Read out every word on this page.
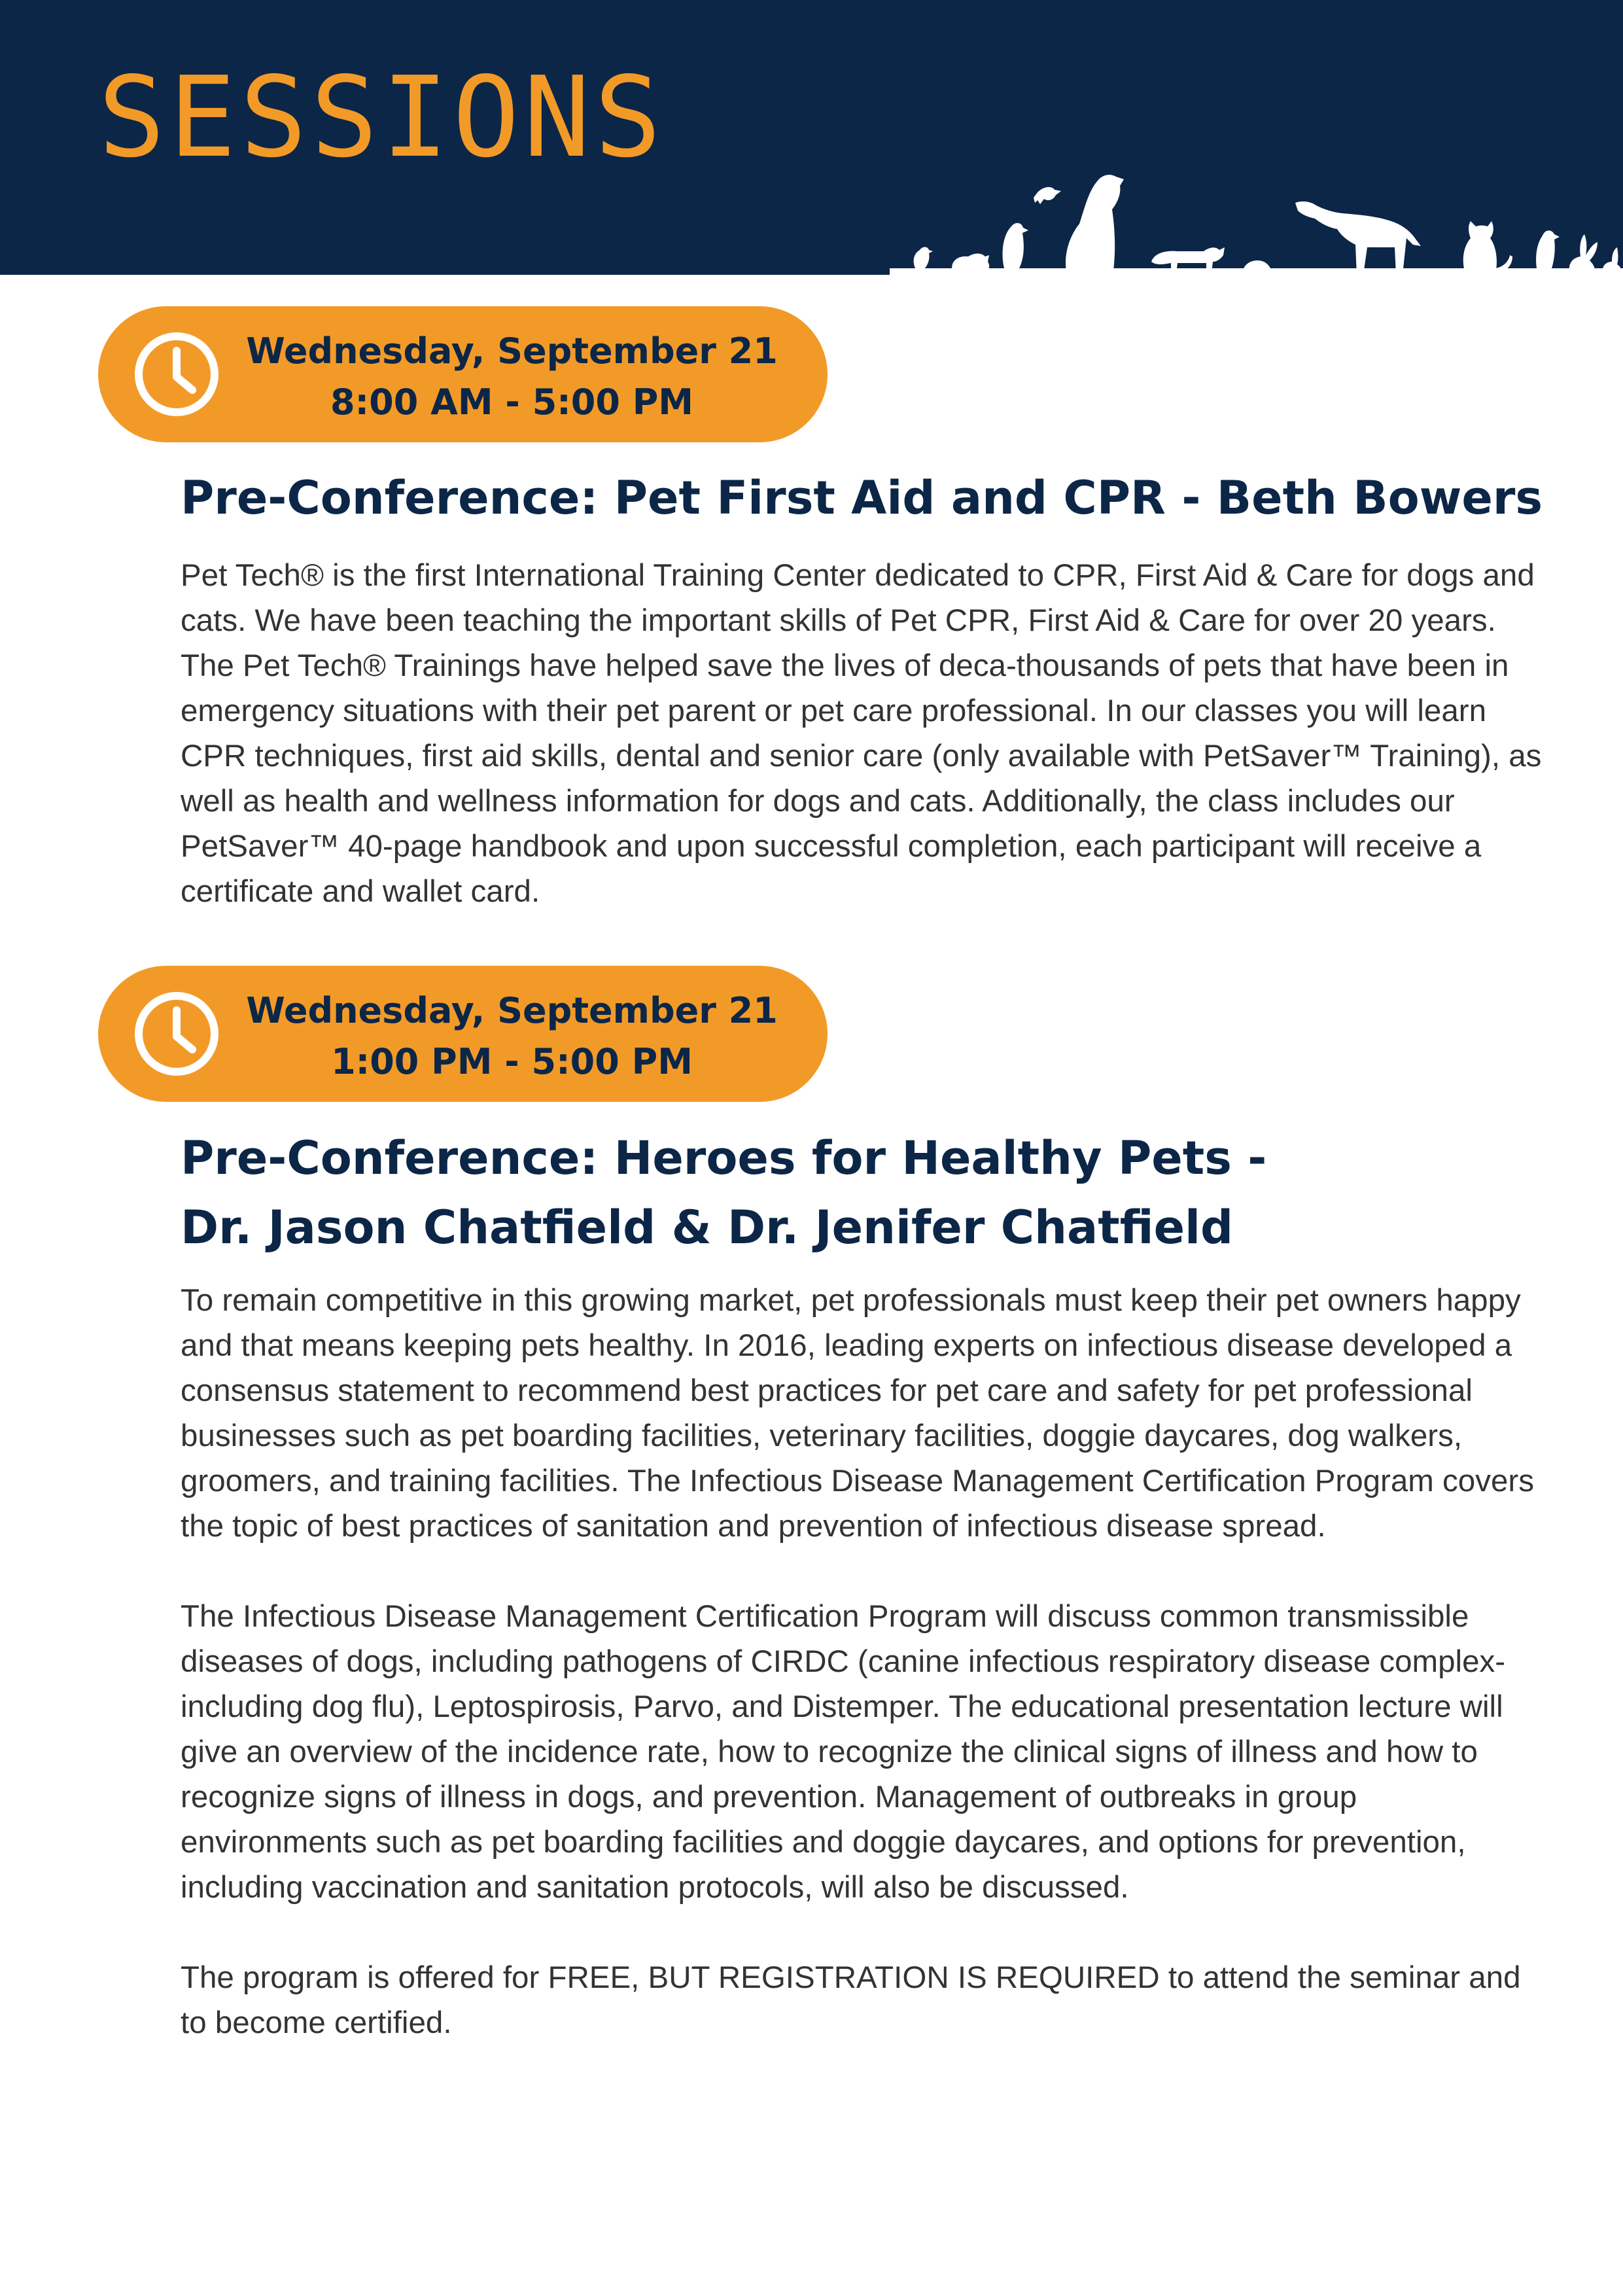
SESSIONS
Wednesday, September 21
8:00 AM - 5:00 PM
Pre-Conference: Pet First Aid and CPR - Beth Bowers

Pet Tech® is the first International Training Center dedicated to CPR, First Aid & Care for dogs and cats. We have been teaching the important skills of Pet CPR, First Aid & Care for over 20 years. The Pet Tech® Trainings have helped save the lives of deca-thousands of pets that have been in emergency situations with their pet parent or pet care professional. In our classes you will learn CPR techniques, first aid skills, dental and senior care (only available with PetSaver™ Training), as well as health and wellness information for dogs and cats. Additionally, the class includes our PetSaver™ 40-page handbook and upon successful completion, each participant will receive a certificate and wallet card.

Wednesday, September 21
1:00 PM - 5:00 PM
Pre-Conference: Heroes for Healthy Pets -
Dr. Jason Chatfield & Dr. Jenifer Chatfield

To remain competitive in this growing market, pet professionals must keep their pet owners happy and that means keeping pets healthy. In 2016, leading experts on infectious disease developed a consensus statement to recommend best practices for pet care and safety for pet professional businesses such as pet boarding facilities, veterinary facilities, doggie daycares, dog walkers, groomers, and training facilities. The Infectious Disease Management Certification Program covers the topic of best practices of sanitation and prevention of infectious disease spread.

The Infectious Disease Management Certification Program will discuss common transmissible diseases of dogs, including pathogens of CIRDC (canine infectious respiratory disease complex- including dog flu), Leptospirosis, Parvo, and Distemper. The educational presentation lecture will give an overview of the incidence rate, how to recognize the clinical signs of illness and how to recognize signs of illness in dogs, and prevention. Management of outbreaks in group environments such as pet boarding facilities and doggie daycares, and options for prevention, including vaccination and sanitation protocols, will also be discussed.

The program is offered for FREE, BUT REGISTRATION IS REQUIRED to attend the seminar and to become certified.
